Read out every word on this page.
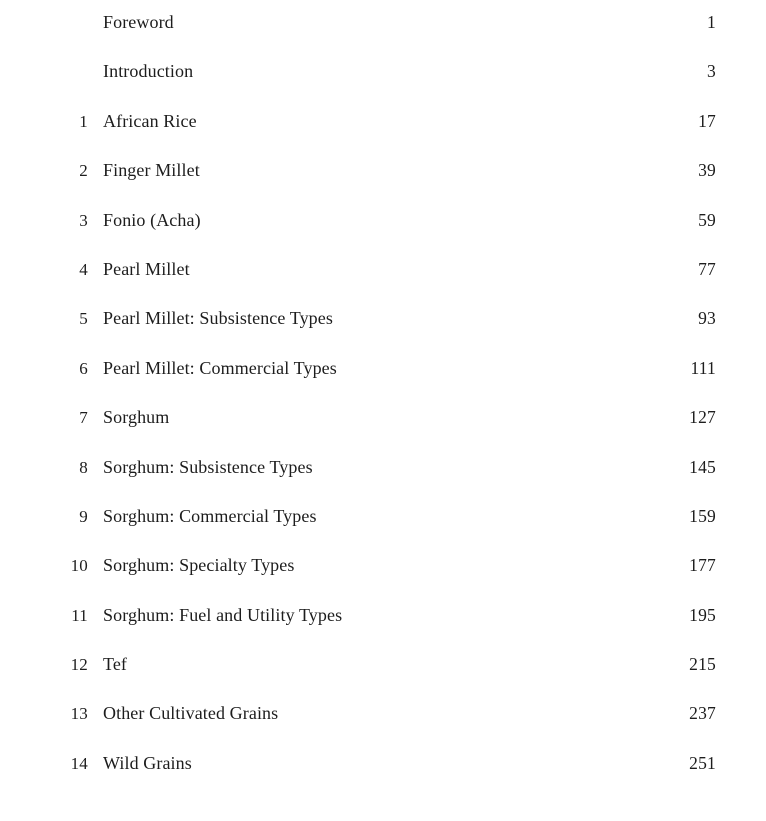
Foreword	1
Introduction	3
1 African Rice	17
2 Finger Millet	39
3 Fonio (Acha)	59
4 Pearl Millet	77
5 Pearl Millet: Subsistence Types	93
6 Pearl Millet: Commercial Types	111
7 Sorghum	127
8 Sorghum: Subsistence Types	145
9 Sorghum: Commercial Types	159
10 Sorghum: Specialty Types	177
11 Sorghum: Fuel and Utility Types	195
12 Tef	215
13 Other Cultivated Grains	237
14 Wild Grains	251
